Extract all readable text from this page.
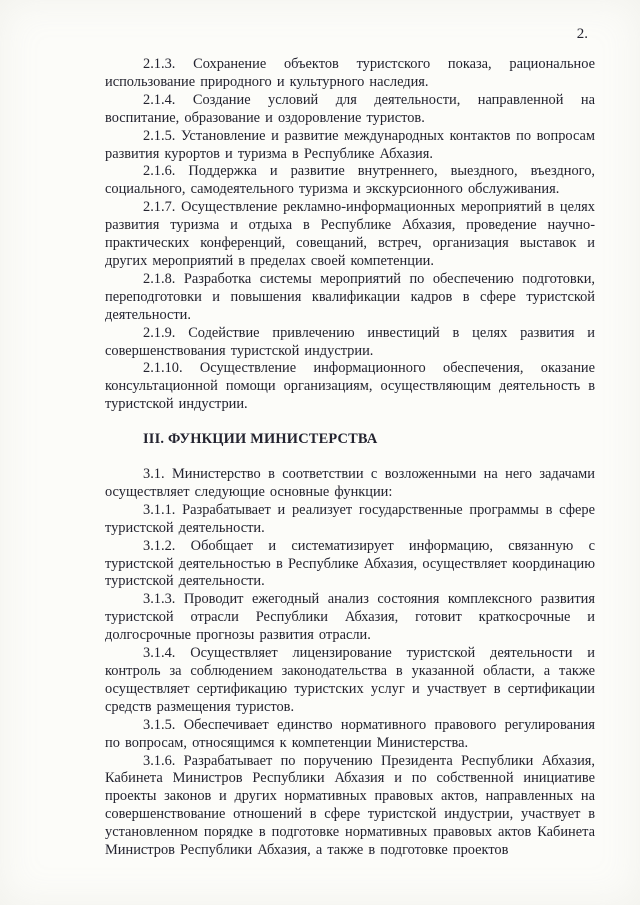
2.

2.1.3. Сохранение объектов туристского показа, рациональное использование природного и культурного наследия.

2.1.4. Создание условий для деятельности, направленной на воспитание, образование и оздоровление туристов.

2.1.5. Установление и развитие международных контактов по вопросам развития курортов и туризма в Республике Абхазия.

2.1.6. Поддержка и развитие внутреннего, выездного, въездного, социального, самодеятельного туризма и экскурсионного обслуживания.

2.1.7. Осуществление рекламно-информационных мероприятий в целях развития туризма и отдыха в Республике Абхазия, проведение научно-практических конференций, совещаний, встреч, организация выставок и других мероприятий в пределах своей компетенции.

2.1.8. Разработка системы мероприятий по обеспечению подготовки, переподготовки и повышения квалификации кадров в сфере туристской деятельности.

2.1.9. Содействие привлечению инвестиций в целях развития и совершенствования туристской индустрии.

2.1.10. Осуществление информационного обеспечения, оказание консультационной помощи организациям, осуществляющим деятельность в туристской индустрии.

III. ФУНКЦИИ МИНИСТЕРСТВА

3.1. Министерство в соответствии с возложенными на него задачами осуществляет следующие основные функции:

3.1.1. Разрабатывает и реализует государственные программы в сфере туристской деятельности.

3.1.2. Обобщает и систематизирует информацию, связанную с туристской деятельностью в Республике Абхазия, осуществляет координацию туристской деятельности.

3.1.3. Проводит ежегодный анализ состояния комплексного развития туристской отрасли Республики Абхазия, готовит краткосрочные и долгосрочные прогнозы развития отрасли.

3.1.4. Осуществляет лицензирование туристской деятельности и контроль за соблюдением законодательства в указанной области, а также осуществляет сертификацию туристских услуг и участвует в сертификации средств размещения туристов.

3.1.5. Обеспечивает единство нормативного правового регулирования по вопросам, относящимся к компетенции Министерства.

3.1.6. Разрабатывает по поручению Президента Республики Абхазия, Кабинета Министров Республики Абхазия и по собственной инициативе проекты законов и других нормативных правовых актов, направленных на совершенствование отношений в сфере туристской индустрии, участвует в установленном порядке в подготовке нормативных правовых актов Кабинета Министров Республики Абхазия, а также в подготовке проектов
